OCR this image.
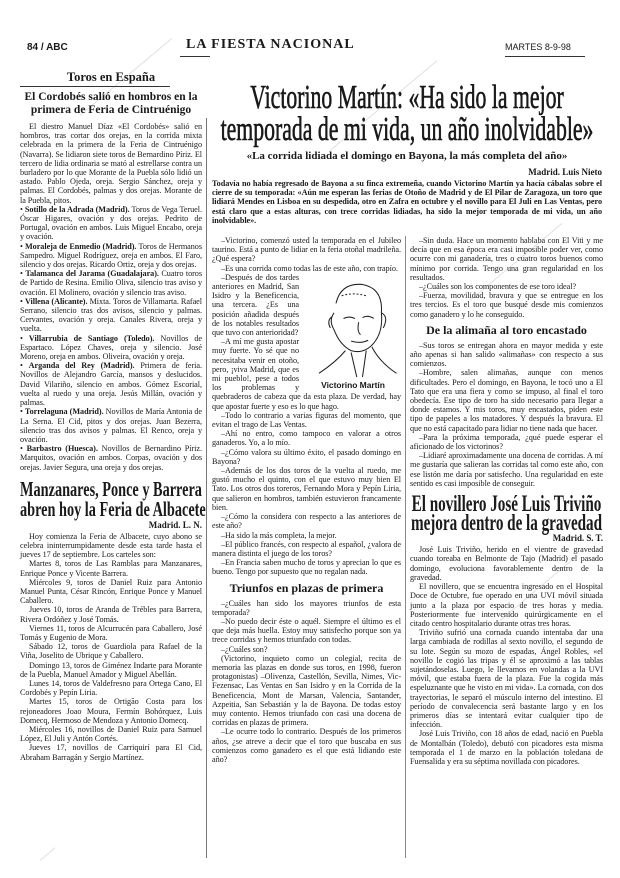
84 / ABC	LA FIESTA NACIONAL	MARTES 8-9-98
Toros en España
El Cordobés salió en hombros en la primera de Feria de Cintruénigo

El diestro Manuel Díaz «El Cordobés» salió en hombros, tras cortar dos orejas, en la corrida mixta celebrada en la primera de la Feria de Cintruénigo (Navarra). Se lidiaron siete toros de Bernardino Píriz. El tercero de lidia ordinaria se mató al estrellarse contra un burladero por lo que Morante de la Puebla sólo lidió un astado. Pablo Ojeda, oreja. Sergio Sánchez, oreja y palmas. El Cordobés, palmas y dos orejas. Morante de la Puebla, pitos.

• Sotillo de la Adrada (Madrid). Toros de Vega Teruel. Óscar Higares, ovación y dos orejas. Pedrito de Portugal, ovación en ambos. Luis Miguel Encabo, oreja y ovación.

• Moraleja de Enmedio (Madrid). Toros de Hermanos Sampedro. Miguel Rodríguez, oreja en ambos. El Faro, silencio y dos orejas. Ricardo Ortiz, oreja y dos orejas.

• Talamanca del Jarama (Guadalajara). Cuatro toros de Partido de Resina. Emilio Oliva, silencio tras aviso y ovación. El Molinero, ovación y silencio tras aviso.

• Villena (Alicante). Mixta. Toros de Villamarta. Rafael Serrano, silencio tras dos avisos, silencio y palmas. Cervantes, ovación y oreja. Canales Rivera, oreja y vuelta.

• Villarrubia de Santiago (Toledo). Novillos de Espartaco. López Chaves, oreja y silencio. José Moreno, oreja en ambos. Oliveira, ovación y oreja.

• Arganda del Rey (Madrid). Primera de feria. Novillos de Alejandro García, mansos y deslucidos. David Vilariño, silencio en ambos. Gómez Escorial, vuelta al ruedo y una oreja. Jesús Millán, ovación y palmas.

• Torrelaguna (Madrid). Novillos de María Antonia de La Serna. El Cid, pitos y dos orejas. Juan Bezerra, silencio tras dos avisos y palmas. El Renco, oreja y ovación.

• Barbastro (Huesca). Novillos de Bernardino Píriz. Marquitos, ovación en ambos. Corpas, ovación y dos orejas. Javier Segura, una oreja y dos orejas.

Manzanares, Ponce y Barrera
abren hoy la Feria de Albacete
Madrid. L. N.

Hoy comienza la Feria de Albacete, cuyo abono se celebra ininterrumpidamente desde esta tarde hasta el jueves 17 de septiembre. Los carteles son:

Martes 8, toros de Las Ramblas para Manzanares, Enrique Ponce y Vicente Barrera.

Miércoles 9, toros de Daniel Ruiz para Antonio Manuel Punta, César Rincón, Enrique Ponce y Manuel Caballero.

Jueves 10, toros de Aranda de Trébles para Barrera, Rivera Ordóñez y José Tomás.

Viernes 11, toros de Alcurrucén para Caballero, José Tomás y Eugenio de Mora.

Sábado 12, toros de Guardiola para Rafael de la Viña, Joselito de Ubrique y Caballero.

Domingo 13, toros de Giménez Indarte para Morante de la Puebla, Manuel Amador y Miguel Abellán.

Lunes 14, toros de Valdefresno para Ortega Cano, El Cordobés y Pepín Liria.

Martes 15, toros de Ortigão Costa para los rejoneadores Joao Moura, Fermín Bohórquez, Luis Domecq, Hermoso de Mendoza y Antonio Domecq.

Miércoles 16, novillos de Daniel Ruiz para Samuel López, El Juli y Antón Cortés.

Jueves 17, novillos de Carriquirí para El Cid, Abraham Barragán y Sergio Martínez.

Victorino Martín: «Ha sido la mejor
temporada de mi vida, un año inolvidable»
«La corrida lidiada el domingo en Bayona, la más completa del año»
Madrid. Luis Nieto

Todavía no había regresado de Bayona a su finca extremeña, cuando Victorino Martín ya hacía cábalas sobre el cierre de su temporada: «Aún me esperan las ferias de Otoño de Madrid y de El Pilar de Zaragoza, un toro que lidiará Mendes en Lisboa en su despedida, otro en Zafra en octubre y el novillo para El Juli en Las Ventas, pero está claro que a estas alturas, con trece corridas lidiadas, ha sido la mejor temporada de mi vida, un año inolvidable».

–Victorino, comenzó usted la temporada en el Jubileo taurino. Está a punto de lidiar en la feria otoñal madrileña. ¿Qué espera?

–Es una corrida como todas las de este año, con trapío.

Victorino Martín

–Después de dos tardes anteriores en Madrid, San Isidro y la Beneficencia, una tercera. ¿Es una posición añadida después de los notables resultados que tuvo con anterioridad?

–A mí me gusta apostar muy fuerte. Yo sé que no necesitaba venir en otoño, pero, ¡viva Madrid, que es mi pueblo!, pese a todos los problemas y quebraderos de cabeza que da esta plaza. De verdad, hay que apostar fuerte y eso es lo que hago.

–Todo lo contrario a varias figuras del momento, que evitan el trago de Las Ventas.

–Ahí no entro, como tampoco en valorar a otros ganaderos. Yo, a lo mío.

–¿Cómo valora su último éxito, el pasado domingo en Bayona?

–Además de los dos toros de la vuelta al ruedo, me gustó mucho el quinto, con el que estuvo muy bien El Tato. Los otros dos toreros, Fernando Mora y Pepín Liria, que salieron en hombros, también estuvieron francamente bien.

–¿Cómo la considera con respecto a las anteriores de este año?

–Ha sido la más completa, la mejor.

–El público francés, con respecto al español, ¿valora de manera distinta el juego de los toros?

–En Francia saben mucho de toros y aprecian lo que es bueno. Tengo por supuesto que no regalan nada.

Triunfos en plazas de primera

–¿Cuáles han sido los mayores triunfos de esta temporada?

–No puedo decir éste o aquél. Siempre el último es el que deja más huella. Estoy muy satisfecho porque son ya trece corridas y hemos triunfado con todas.

–¿Cuáles son?

(Victorino, inquieto como un colegial, recita de memoria las plazas en donde sus toros, en 1998, fueron protagonistas) –Olivenza, Castellón, Sevilla, Nimes, Vic-Fezensac, Las Ventas en San Isidro y en la Corrida de la Beneficencia, Mont de Marsan, Valencia, Santander, Azpeitia, San Sebastián y la de Bayona. De todas estoy muy contento. Hemos triunfado con casi una docena de corridas en plazas de primera.

–Le ocurre todo lo contrario. Después de los primeros años, ¿se atreve a decir que el toro que buscaba en sus comienzos como ganadero es el que está lidiando este año?

–Sin duda. Hace un momento hablaba con El Viti y me decía que en esa época era casi imposible poder ver, como ocurre con mi ganadería, tres o cuatro toros buenos como mínimo por corrida. Tengo una gran regularidad en los resultados.

–¿Cuáles son los componentes de ese toro ideal?

–Fuerza, movilidad, bravura y que se entregue en los tres tercios. Es el toro que busqué desde mis comienzos como ganadero y lo he conseguido.

De la alimaña al toro encastado

–Sus toros se entregan ahora en mayor medida y este año apenas si han salido «alimañas» con respecto a sus comienzos.

–Hombre, salen alimañas, aunque con menos dificultades. Pero el domingo, en Bayona, le tocó uno a El Tato que era una fiera y como se impuso, al final el toro obedecía. Ese tipo de toro ha sido necesario para llegar a donde estamos. Y mis toros, muy encastados, piden este tipo de papeles a los matadores. Y después la bravura. El que no está capacitado para lidiar no tiene nada que hacer.

–Para la próxima temporada, ¿qué puede esperar el aficionado de los victorinos?

–Lidiaré aproximadamente una docena de corridas. A mí me gustaría que salieran las corridas tal como este año, con ese listón me daría por satisfecho. Una regularidad en este sentido es casi imposible de conseguir.

El novillero José Luis Triviño
mejora dentro de la gravedad
Madrid. S. T.

José Luis Triviño, herido en el vientre de gravedad cuando toreaba en Belmonte de Tajo (Madrid) el pasado domingo, evoluciona favorablemente dentro de la gravedad.

El novillero, que se encuentra ingresado en el Hospital Doce de Octubre, fue operado en una UVI móvil situada junto a la plaza por espacio de tres horas y media. Posteriormente fue intervenido quirúrgicamente en el citado centro hospitalario durante otras tres horas.

Triviño sufrió una cornada cuando intentaba dar una larga cambiada de rodillas al sexto novillo, el segundo de su lote. Según su mozo de espadas, Ángel Robles, «el novillo le cogió las tripas y él se aproximó a las tablas sujetándoselas. Luego, le llevamos en volandas a la UVI móvil, que estaba fuera de la plaza. Fue la cogida más espeluznante que he visto en mi vida». La cornada, con dos trayectorias, le separó el músculo interno del intestino. El período de convalecencia será bastante largo y en los primeros días se intentará evitar cualquier tipo de infección.

José Luis Triviño, con 18 años de edad, nació en Puebla de Montalbán (Toledo), debutó con picadores esta misma temporada el 1 de marzo en la población toledana de Fuensalida y era su séptima novillada con picadores.
